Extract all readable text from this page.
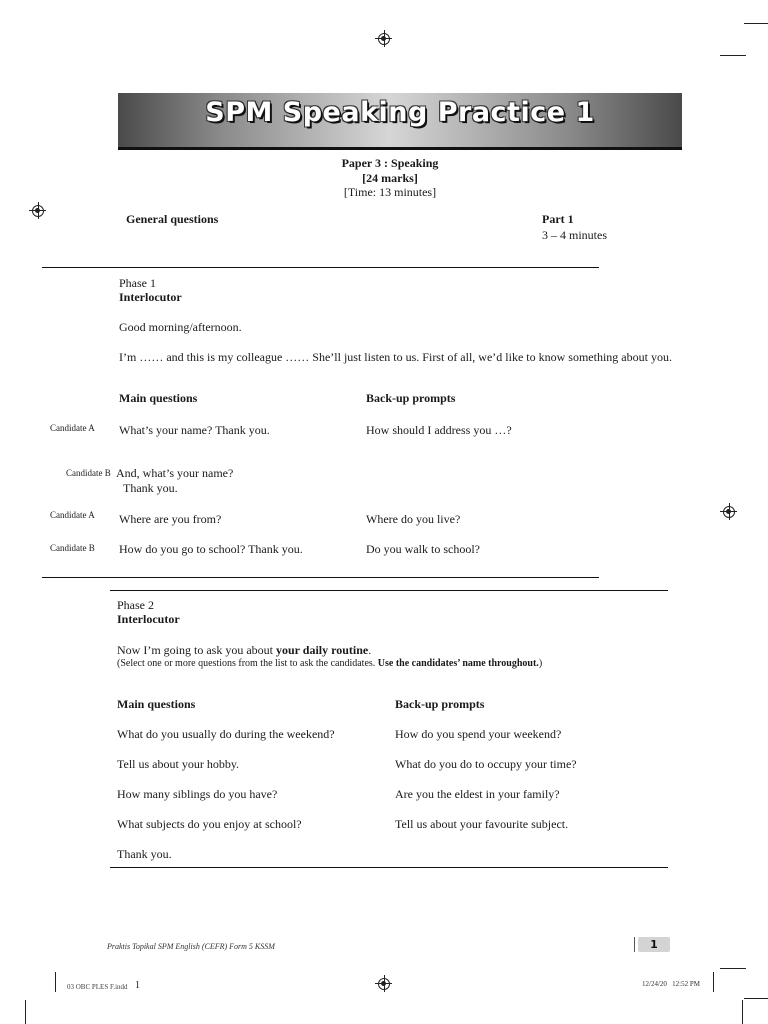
SPM Speaking Practice 1
Paper 3 : Speaking
[24 marks]
[Time: 13 minutes]
General questions	Part 1
3 – 4 minutes
Phase 1
Interlocutor
Good morning/afternoon.
I’m …… and this is my colleague …… She’ll just listen to us. First of all, we’d like to know something about you.
Main questions	Back-up prompts
Candidate A What’s your name? Thank you.	How should I address you …?
Candidate B And, what’s your name?
Thank you.
Candidate A Where are you from?	Where do you live?
Candidate B How do you go to school? Thank you.	Do you walk to school?
Phase 2
Interlocutor
Now I’m going to ask you about your daily routine.
(Select one or more questions from the list to ask the candidates. Use the candidates’ name throughout.)
Main questions	Back-up prompts
What do you usually do during the weekend?	How do you spend your weekend?
Tell us about your hobby.	What do you do to occupy your time?
How many siblings do you have?	Are you the eldest in your family?
What subjects do you enjoy at school?	Tell us about your favourite subject.
Thank you.
Praktis Topikal SPM English (CEFR) Form 5 KSSM	1
03 OBC PLES F.indd 1	12/24/20   12:52 PM
